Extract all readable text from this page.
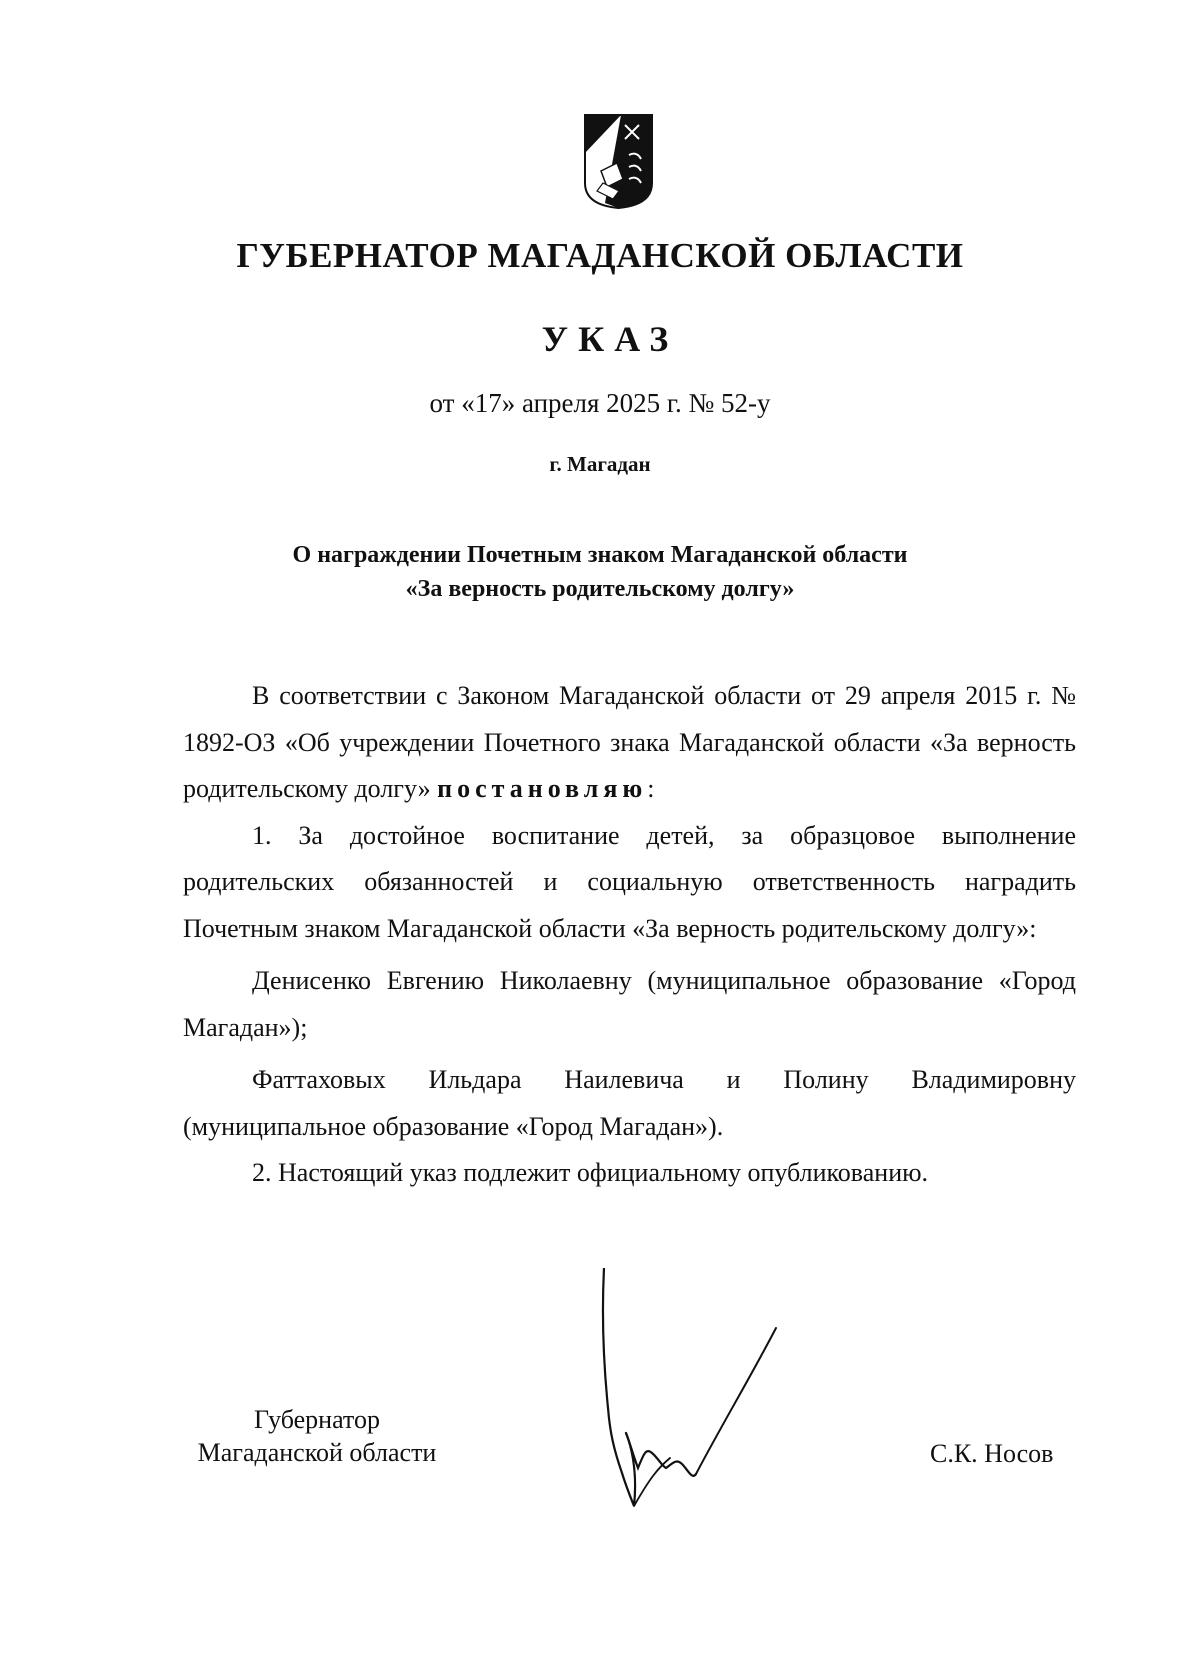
ГУБЕРНАТОР МАГАДАНСКОЙ ОБЛАСТИ
УКАЗ
от «17» апреля 2025 г. № 52-у
г. Магадан
О награждении Почетным знаком Магаданской области
«За верность родительскому долгу»

В соответствии с Законом Магаданской области от 29 апреля 2015 г. № 1892-ОЗ «Об учреждении Почетного знака Магаданской области «За верность родительскому долгу» постановляю:

1. За достойное воспитание детей, за образцовое выполнение родительских обязанностей и социальную ответственность наградить Почетным знаком Магаданской области «За верность родительскому долгу»:

Денисенко Евгению Николаевну (муниципальное образование «Город Магадан»);

Фаттаховых Ильдара Наилевича и Полину Владимировну (муниципальное образование «Город Магадан»).

2. Настоящий указ подлежит официальному опубликованию.

Губернатор
Магаданской области	С.К. Носов
